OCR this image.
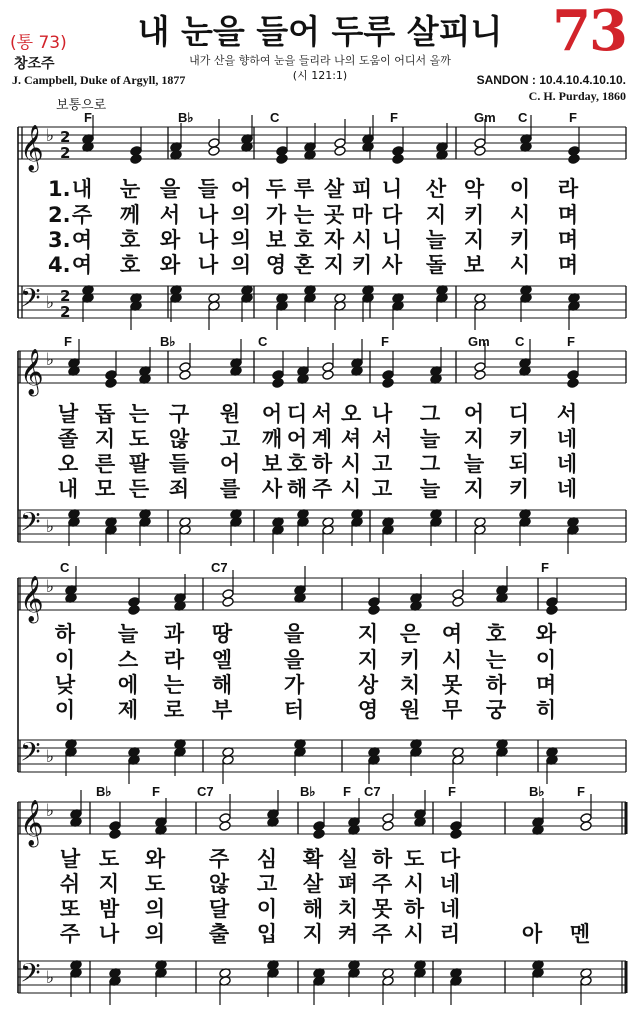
(통 73)	73
내 눈을 들어 두루 살피니
창조주	내가 산을 향하여 눈을 들리라 나의 도움이 어디서 올까
(시 121:1)
J. Campbell, Duke of Argyll, 1877	SANDON : 10.4.10.4.10.10.
C. H. Purday, 1860
보통으로
𝄞
𝄢
♭
♭
2
2
2
2
F	B♭	C	F	Gm C	F
1.
2.
3.
4.
내 눈 을 들 어 두 루 살 피 니 산 악 이 라
주 께 서 나 의 가 는 곳 마 다 지 키 시 며
여 호 와 나 의 보 호 자 시 니 늘 지 키 며
여 호 와 나 의 영 혼 지 키 사 돌 보 시 며
𝄞
𝄢
♭
♭
F	B♭	C	F	Gm C	F
날 돕 는 구 원 어 디 서 오 나 그 어 디 서
졸 지 도 않 고 깨 어 계 셔 서 늘 지 키 네
오 른 팔 들 어 보 호 하 시 고 그 늘 되 네
내 모 든 죄 를 사 해 주 시 고 늘 지 키 네
𝄞
𝄢
♭
♭
C	C7	F
하 늘 과 땅 을	지 은 여 호 와
이 스 라 엘 을	지 키 시 는 이
낮 에 는 해 가	상 치 못 하 며
이 제 로 부 터	영 원 무 궁 히
𝄞
𝄢
♭
♭
B♭	F	C7	B♭ F C7	F	B♭ F
날 도 와 주 심 확 실 하 도 다
쉬 지 도 않 고 살 펴 주 시 네
또 밤 의 달 이 해 치 못 하 네
주 나 의 출 입 지 켜 주 시 리	아 멘
